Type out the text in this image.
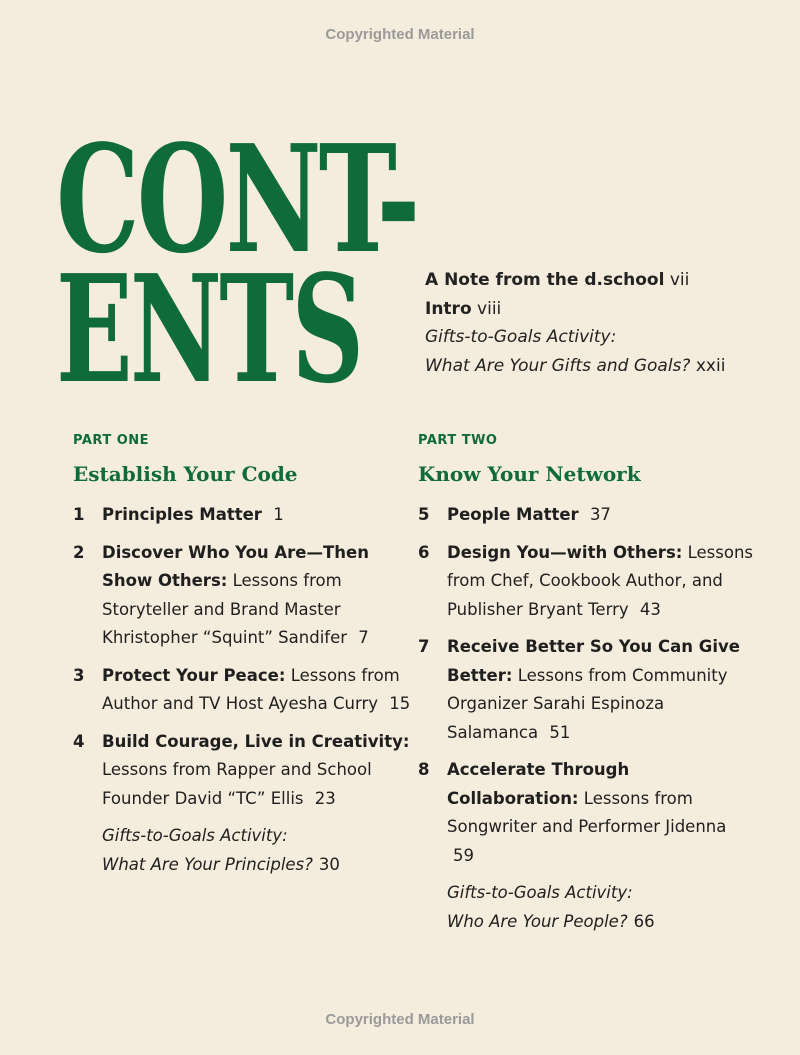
Copyrighted Material
CONT-
ENTS	A Note from the d.school vii
Intro viii
Gifts-to-Goals Activity:
What Are Your Gifts and Goals? xxii
PART ONE
Establish Your Code
1	Principles Matter 1
2	Discover Who You Are—Then Show Others: Lessons from Storyteller and Brand Master Khristopher “Squint” Sandifer 7
3	Protect Your Peace: Lessons from Author and TV Host Ayesha Curry 15
4	Build Courage, Live in Creativity: Lessons from Rapper and School Founder David “TC” Ellis 23
Gifts-to-Goals Activity:
What Are Your Principles? 30
PART TWO
Know Your Network
5	People Matter 37
6	Design You—with Others: Lessons from Chef, Cookbook Author, and Publisher Bryant Terry 43
7	Receive Better So You Can Give Better: Lessons from Community Organizer Sarahi Espinoza Salamanca 51
8	Accelerate Through Collaboration: Lessons from Songwriter and Performer Jidenna 59
Gifts-to-Goals Activity:
Who Are Your People? 66
Copyrighted Material
